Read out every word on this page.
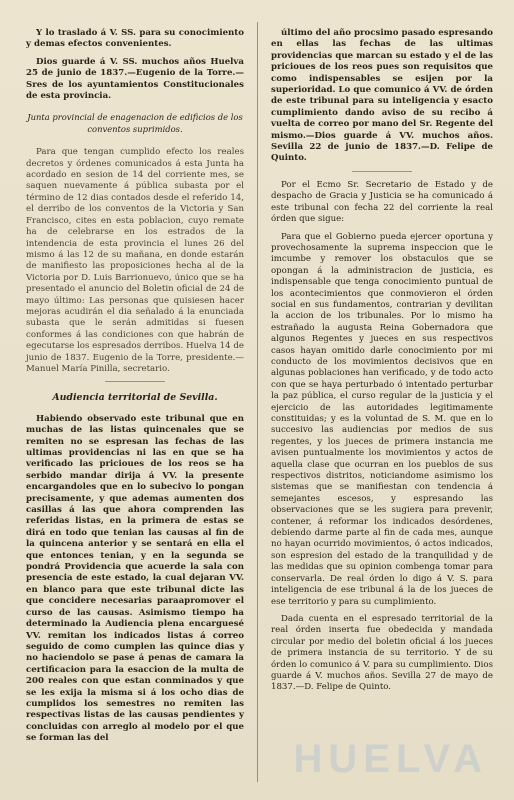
Y lo traslado á V. SS. para su conocimiento y demas efectos convenientes.

Dios guarde á V. SS. muchos años Huelva 25 de junio de 1837.—Eugenio de la Torre.—Sres de los ayuntamientos Constitucionales de esta provincia.

Junta provincial de enagenacion de edificios de los conventos suprimidos.

Para que tengan cumplido efecto los reales decretos y órdenes comunicados á esta Junta ha acordado en sesion de 14 del corriente mes, se saquen nuevamente á pública subasta por el término de 12 dias contados desde el referido 14, el derribo de los conventos de la Victoria y San Francisco, cites en esta poblacion, cuyo remate ha de celebrarse en los estrados de la intendencia de esta provincia el lunes 26 del mismo á las 12 de su mañana, en donde estarán de manifiesto las proposiciones hecha al de la Victoria por D. Luis Barrionuevo, único que se ha presentado el anuncio del Boletin oficial de 24 de mayo último: Las personas que quisiesen hacer mejoras acudirán el dia señalado á la enunciada subasta que le serán admitidas si fuesen conformes á las condiciones con que habrán de egecutarse los espresados derribos. Huelva 14 de junio de 1837. Eugenio de la Torre, presidente.—Manuel María Pinilla, secretario.

Audiencia territorial de Sevilla.

Habiendo observado este tribunal que en muchas de las listas quincenales que se remiten no se espresan las fechas de las ultimas providencias ni las en que se ha verificado las pricioues de los reos se ha serbido mandar dirija á VV. la presente encargandoles que en lo subecivo lo pongan precisamente, y que ademas aumenten dos casillas á las que ahora comprenden las referidas listas, en la primera de estas se dirá en todo que tenian las causas al fin de la quincena anterior y se sentará en ella el que entonces tenian, y en la segunda se pondrá Providencia que acuerde la sala con presencia de este estado, la cual dejaran VV. en blanco para que este tribunal dicte las que concidere necesarias paraapromover el curso de las causas. Asimismo tiempo ha determinado la Audiencia plena encarguesé VV. remitan los indicados listas á correo seguido de como cumplen las quince dias y no haciendolo se pase á penas de camara la certificacion para la esaccion de la multa de 200 reales con que estan conminados y que se les exija la misma si á los ocho dias de cumplidos los semestres no remiten las respectivas listas de las causas pendientes y concluidas con arreglo al modelo por el que se forman las del

último del año procsimo pasado espresando en ellas las fechas de las ultimas providencias que marcan su estado y el de las pricioues de los reos pues son requisitos que como indispensables se esijen por la superioridad. Lo que comunico á VV. de órden de este tribunal para su inteligencia y esacto cumplimiento dando aviso de su recibo á vuelta de correo por mano del Sr. Regente del mismo.—Dios guarde á VV. muchos años. Sevilla 22 de junio de 1837.—D. Felipe de Quinto.

Por el Ecmo Sr. Secretario de Estado y de despacho de Gracia y Justicia se ha comunicado á este tribunal con fecha 22 del corriente la real órden que sigue:

Para que el Gobierno pueda ejercer oportuna y provechosamente la suprema inspeccion que le imcumbe y remover los obstaculos que se opongan á la administracion de justicia, es indispensable que tenga conocimiento puntual de los acontecimientos que conmovieron el órden social en sus fundamentos, contrarian y devilitan la accion de los tribunales. Por lo mismo ha estrañado la augusta Reina Gobernadora que algunos Regentes y jueces en sus respectivos casos hayan omitido darle conocimiento por mi conducto de los movimientos decisivos que en algunas poblaciones han verificado, y de todo acto con que se haya perturbado ó intentado perturbar la paz pública, el curso regular de la justicia y el ejercicio de las autoridades legitimamente constituidas; y es la voluntad de S. M. que en lo succesivo las audiencias por medios de sus regentes, y los jueces de primera instancia me avisen puntualmente los movimientos y actos de aquella clase que ocurran en los pueblos de sus respectivos distritos, noticiandome asimismo los sistemas que se manifiestan con tendencia á semejantes escesos, y espresando las observaciones que se les sugiera para prevenir, contener, á reformar los indicados desórdenes, debiendo darme parte al fin de cada mes, aunque no hayan ocurrido movimientos, ó actos indicados, son espresion del estado de la tranquilidad y de las medidas que su opinion combenga tomar para conservarla. De real órden lo digo á V. S. para inteligencia de ese tribunal á la de los jueces de ese territorio y para su cumplimiento.

Dada cuenta en el espresado territorial de la real órden inserta fue obedecida y mandada circular por medio del boletin oficial á los jueces de primera instancia de su territorio. Y de su órden lo comunico á V. para su cumplimiento. Dios guarde á V. muchos años. Sevilla 27 de mayo de 1837.—D. Felipe de Quinto.

HUELVA
